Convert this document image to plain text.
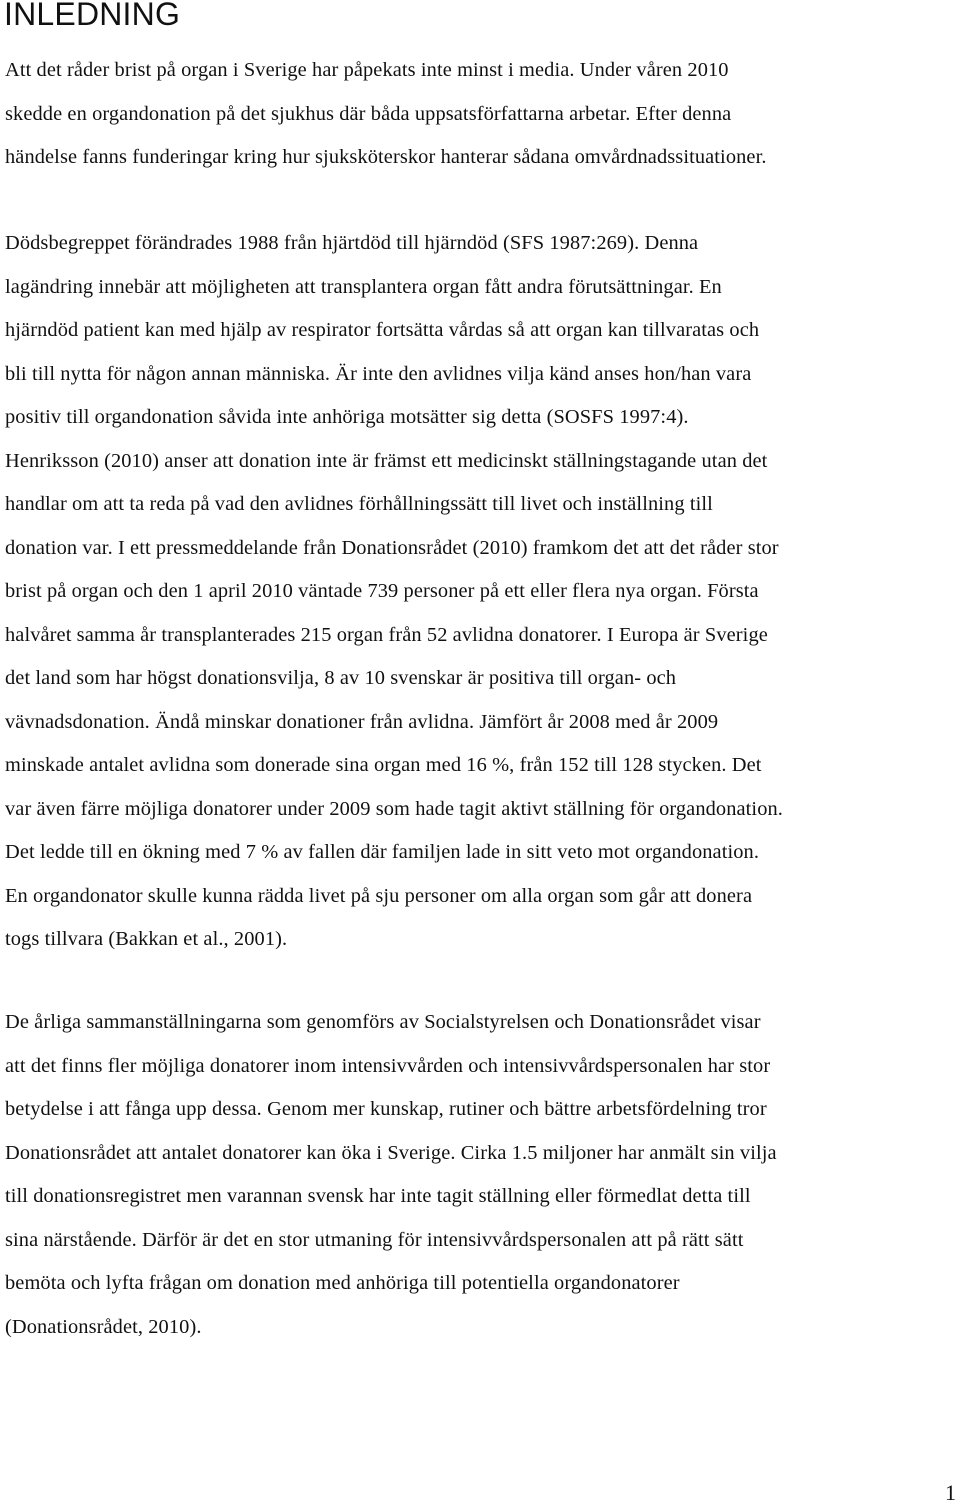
INLEDNING

Att det råder brist på organ i Sverige har påpekats inte minst i media. Under våren 2010
skedde en organdonation på det sjukhus där båda uppsatsförfattarna arbetar. Efter denna
händelse fanns funderingar kring hur sjuksköterskor hanterar sådana omvårdnadssituationer.

Dödsbegreppet förändrades 1988 från hjärtdöd till hjärndöd (SFS 1987:269). Denna
lagändring innebär att möjligheten att transplantera organ fått andra förutsättningar. En
hjärndöd patient kan med hjälp av respirator fortsätta vårdas så att organ kan tillvaratas och
bli till nytta för någon annan människa. Är inte den avlidnes vilja känd anses hon/han vara
positiv till organdonation såvida inte anhöriga motsätter sig detta (SOSFS 1997:4).
Henriksson (2010) anser att donation inte är främst ett medicinskt ställningstagande utan det
handlar om att ta reda på vad den avlidnes förhållningssätt till livet och inställning till
donation var. I ett pressmeddelande från Donationsrådet (2010) framkom det att det råder stor
brist på organ och den 1 april 2010 väntade 739 personer på ett eller flera nya organ. Första
halvåret samma år transplanterades 215 organ från 52 avlidna donatorer. I Europa är Sverige
det land som har högst donationsvilja, 8 av 10 svenskar är positiva till organ- och
vävnadsdonation. Ändå minskar donationer från avlidna. Jämfört år 2008 med år 2009
minskade antalet avlidna som donerade sina organ med 16 %, från 152 till 128 stycken. Det
var även färre möjliga donatorer under 2009 som hade tagit aktivt ställning för organdonation.
Det ledde till en ökning med 7 % av fallen där familjen lade in sitt veto mot organdonation.
En organdonator skulle kunna rädda livet på sju personer om alla organ som går att donera
togs tillvara (Bakkan et al., 2001).

De årliga sammanställningarna som genomförs av Socialstyrelsen och Donationsrådet visar
att det finns fler möjliga donatorer inom intensivvården och intensivvårdspersonalen har stor
betydelse i att fånga upp dessa. Genom mer kunskap, rutiner och bättre arbetsfördelning tror
Donationsrådet att antalet donatorer kan öka i Sverige. Cirka 1.5 miljoner har anmält sin vilja
till donationsregistret men varannan svensk har inte tagit ställning eller förmedlat detta till
sina närstående. Därför är det en stor utmaning för intensivvårdspersonalen att på rätt sätt
bemöta och lyfta frågan om donation med anhöriga till potentiella organdonatorer
(Donationsrådet, 2010).

1
